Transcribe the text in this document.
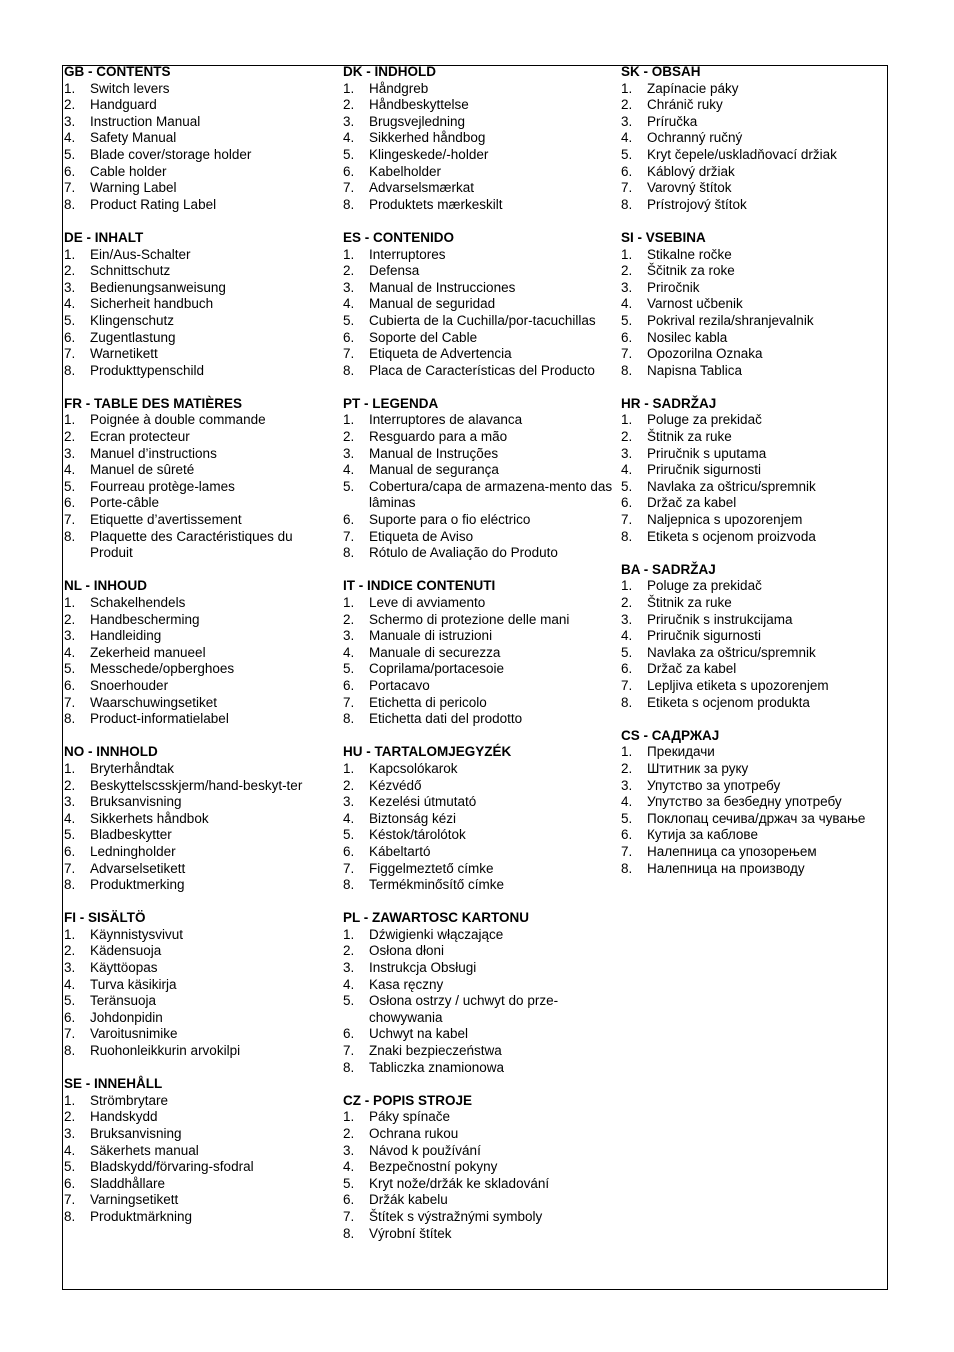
GB - CONTENTS
1.	Switch levers
2.	Handguard
3.	Instruction Manual
4.	Safety Manual
5.	Blade cover/storage holder
6.	Cable holder
7.	Warning Label
8.	Product Rating Label
DE - INHALT
1.	Ein/Aus-Schalter
2.	Schnittschutz
3.	Bedienungsanweisung
4.	Sicherheit handbuch
5.	Klingenschutz
6.	Zugentlastung
7.	Warnetikett
8.	Produkttypenschild
FR - TABLE DES MATIÈRES
1.	Poignée à double commande
2.	Ecran protecteur
3.	Manuel d’instructions
4.	Manuel de sûreté
5.	Fourreau protège-lames
6.	Porte-câble
7.	Etiquette d’avertissement
8.	Plaquette des Caractéristiques du Produit
NL - INHOUD
1.	Schakelhendels
2.	Handbescherming
3.	Handleiding
4.	Zekerheid manueel
5.	Messchede/opberghoes
6.	Snoerhouder
7.	Waarschuwingsetiket
8.	Product-informatielabel
NO - INNHOLD
1.	Bryterhåndtak
2.	Beskyttelscsskjerm/hand-beskyt-ter
3.	Bruksanvisning
4.	Sikkerhets håndbok
5.	Bladbeskytter
6.	Ledningholder
7.	Advarselsetikett
8.	Produktmerking
FI - SISÄLTÖ
1.	Käynnistysvivut
2.	Kädensuoja
3.	Käyttöopas
4.	Turva käsikirja
5.	Teränsuoja
6.	Johdonpidin
7.	Varoitusnimike
8.	Ruohonleikkurin arvokilpi
SE - INNEHÅLL
1.	Strömbrytare
2.	Handskydd
3.	Bruksanvisning
4.	Säkerhets manual
5.	Bladskydd/förvaring-sfodral
6.	Sladdhållare
7.	Varningsetikett
8.	Produktmärkning
DK - INDHOLD
1.	Håndgreb
2.	Håndbeskyttelse
3.	Brugsvejledning
4.	Sikkerhed håndbog
5.	Klingeskede/-holder
6.	Kabelholder
7.	Advarselsmærkat
8.	Produktets mærkeskilt
ES - CONTENIDO
1.	Interruptores
2.	Defensa
3.	Manual de Instrucciones
4.	Manual de seguridad
5.	Cubierta de la Cuchilla/por-tacuchillas
6.	Soporte del Cable
7.	Etiqueta de Advertencia
8.	Placa de Características del Producto
PT - LEGENDA
1.	Interruptores de alavanca
2.	Resguardo para a mão
3.	Manual de Instruções
4.	Manual de segurança
5.	Cobertura/capa de armazena-mento das lâminas
6.	Suporte para o fio eléctrico
7.	Etiqueta de Aviso
8.	Rótulo de Avaliação do Produto
IT - INDICE CONTENUTI
1.	Leve di avviamento
2.	Schermo di protezione delle mani
3.	Manuale di istruzioni
4.	Manuale di securezza
5.	Coprilama/portacesoie
6.	Portacavo
7.	Etichetta di pericolo
8.	Etichetta dati del prodotto
HU - TARTALOMJEGYZÉK
1.	Kapcsolókarok
2.	Kézvédő
3.	Kezelési útmutató
4.	Biztonság kézi
5.	Késtok/tárolótok
6.	Kábeltartó
7.	Figgelmeztető címke
8.	Termékminősítő címke
PL - ZAWARTOSC KARTONU
1.	Dźwigienki włączające
2.	Osłona dłoni
3.	Instrukcja Obsługi
4.	Kasa ręczny
5.	Osłona ostrzy / uchwyt do prze-chowywania
6.	Uchwyt na kabel
7.	Znaki bezpieczeństwa
8.	Tabliczka znamionowa
CZ - POPIS STROJE
1.	Páky spínače
2.	Ochrana rukou
3.	Návod k používání
4.	Bezpečnostní pokyny
5.	Kryt nože/držák ke skladování
6.	Držák kabelu
7.	Štítek s výstražnými symboly
8.	Výrobní štítek
SK - OBSAH
1.	Zapínacie páky
2.	Chránič ruky
3.	Príručka
4.	Ochranný ručný
5.	Kryt čepele/uskladňovací držiak
6.	Káblový držiak
7.	Varovný štítok
8.	Prístrojový štítok
SI - VSEBINA
1.	Stikalne ročke
2.	Ščitnik za roke
3.	Priročnik
4.	Varnost učbenik
5.	Pokrival rezila/shranjevalnik
6.	Nosilec kabla
7.	Opozorilna Oznaka
8.	Napisna Tablica
HR - SADRŽAJ
1.	Poluge za prekidač
2.	Štitnik za ruke
3.	Priručnik s uputama
4.	Priručnik sigurnosti
5.	Navlaka za oštricu/spremnik
6.	Držač za kabel
7.	Naljepnica s upozorenjem
8.	Etiketa s ocjenom proizvoda
BA - SADRŽAJ
1.	Poluge za prekidač
2.	Štitnik za ruke
3.	Priručnik s instrukcijama
4.	Priručnik sigurnosti
5.	Navlaka za oštricu/spremnik
6.	Držač za kabel
7.	Lepljiva etiketa s upozorenjem
8.	Etiketa s ocjenom produkta
CS - САДРЖАЈ
1.	Прекидачи
2.	Штитник за руку
3.	Упутство за употребу
4.	Упутство за безбедну употребу
5.	Поклопац сечива/држач за чување
6.	Кутија за каблове
7.	Налепница са упозорењем
8.	Налепница на производу
